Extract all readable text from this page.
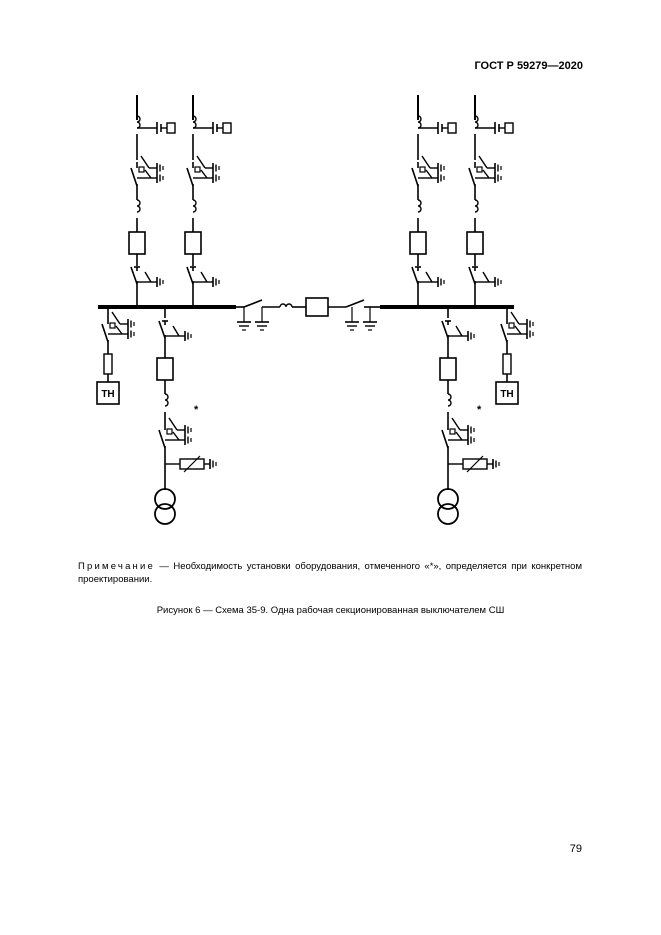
ГОСТ Р 59279—2020
ТН	ТН
*	*
Примечание — Необходимость установки оборудования, отмеченного «*», определяется при конкретном проектировании.
Рисунок 6 — Схема 35-9. Одна рабочая секционированная выключателем СШ
79
